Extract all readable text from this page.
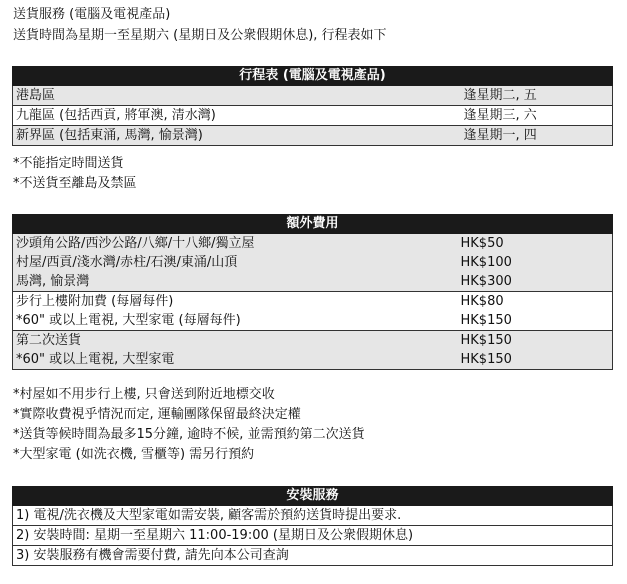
送貨服務 (電腦及電視產品)
送貨時間為星期一至星期六 (星期日及公衆假期休息), 行程表如下
行程表 (電腦及電視產品)	
港島區	逢星期二, 五
九龍區 (包括西貢, 將軍澳, 清水灣)	逢星期三, 六
新界區 (包括東涌, 馬灣, 愉景灣)	逢星期一, 四
*不能指定時間送貨
*不送貨至離島及禁區
額外費用	
沙頭角公路/西沙公路/八鄉/十八鄉/獨立屋	HK$50
村屋/西貢/淺水灣/赤柱/石澳/東涌/山頂	HK$100
馬灣, 愉景灣	HK$300
步行上樓附加費 (每層每件)	HK$80
*60" 或以上電視, 大型家電 (每層每件)	HK$150
第二次送貨	HK$150
*60" 或以上電視, 大型家電	HK$150
*村屋如不用步行上樓, 只會送到附近地標交收
*實際收費視乎情況而定, 運輸團隊保留最終決定權
*送貨等候時間為最多15分鐘, 逾時不候, 並需預約第二次送貨
*大型家電 (如洗衣機, 雪櫃等) 需另行預約
安裝服務
1) 電視/洗衣機及大型家電如需安裝, 顧客需於預約送貨時提出要求.
2) 安裝時間: 星期一至星期六 11:00-19:00 (星期日及公衆假期休息)
3) 安裝服務有機會需要付費, 請先向本公司查詢
